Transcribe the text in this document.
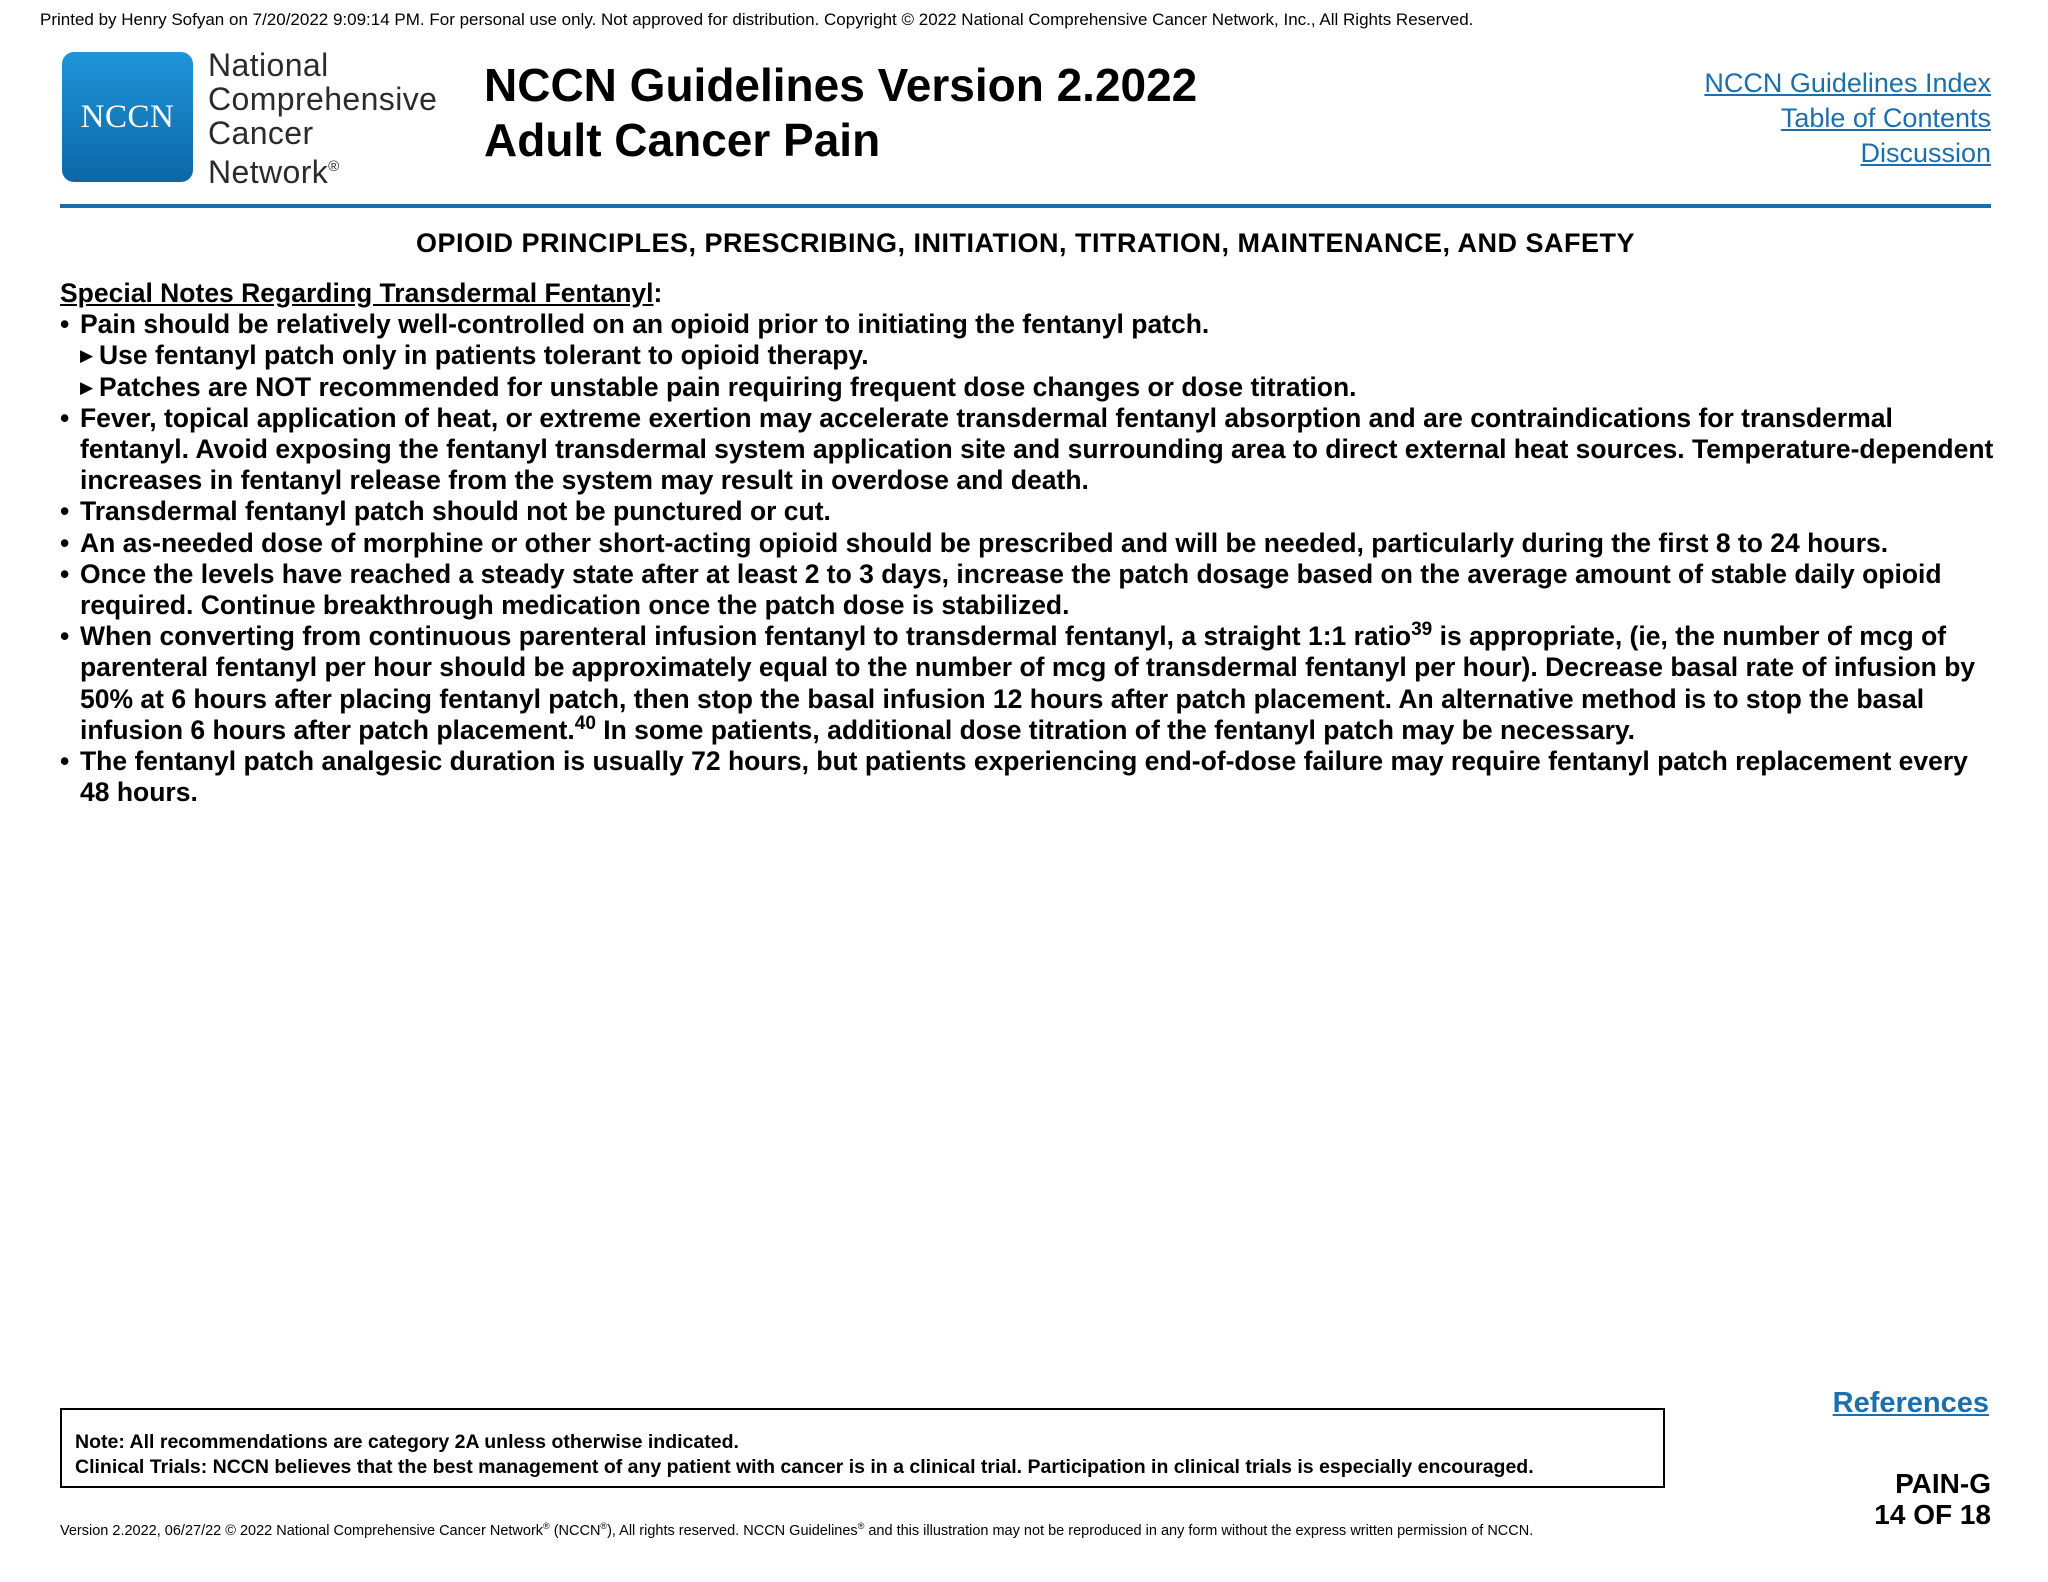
Printed by Henry Sofyan on 7/20/2022 9:09:14 PM. For personal use only. Not approved for distribution. Copyright © 2022 National Comprehensive Cancer Network, Inc., All Rights Reserved.
NCCN
National
Comprehensive
Cancer
Network®
NCCN Guidelines Version 2.2022
Adult Cancer Pain
NCCN Guidelines Index
Table of Contents
Discussion
OPIOID PRINCIPLES, PRESCRIBING, INITIATION, TITRATION, MAINTENANCE, AND SAFETY
Special Notes Regarding Transdermal Fentanyl:
• Pain should be relatively well-controlled on an opioid prior to initiating the fentanyl patch.
▶ Use fentanyl patch only in patients tolerant to opioid therapy.
▶ Patches are NOT recommended for unstable pain requiring frequent dose changes or dose titration.
• Fever, topical application of heat, or extreme exertion may accelerate transdermal fentanyl absorption and are contraindications for transdermal fentanyl. Avoid exposing the fentanyl transdermal system application site and surrounding area to direct external heat sources. Temperature-dependent increases in fentanyl release from the system may result in overdose and death.
• Transdermal fentanyl patch should not be punctured or cut.
• An as-needed dose of morphine or other short-acting opioid should be prescribed and will be needed, particularly during the first 8 to 24 hours.
• Once the levels have reached a steady state after at least 2 to 3 days, increase the patch dosage based on the average amount of stable daily opioid required. Continue breakthrough medication once the patch dose is stabilized.
• When converting from continuous parenteral infusion fentanyl to transdermal fentanyl, a straight 1:1 ratio$^{39}$ is appropriate, (ie, the number of mcg of parenteral fentanyl per hour should be approximately equal to the number of mcg of transdermal fentanyl per hour). Decrease basal rate of infusion by 50% at 6 hours after placing fentanyl patch, then stop the basal infusion 12 hours after patch placement. An alternative method is to stop the basal infusion 6 hours after patch placement.$^{40}$ In some patients, additional dose titration of the fentanyl patch may be necessary.
• The fentanyl patch analgesic duration is usually 72 hours, but patients experiencing end-of-dose failure may require fentanyl patch replacement every 48 hours.
References
Note: All recommendations are category 2A unless otherwise indicated.
Clinical Trials: NCCN believes that the best management of any patient with cancer is in a clinical trial. Participation in clinical trials is especially encouraged.
PAIN-G
14 OF 18
Version 2.2022, 06/27/22 © 2022 National Comprehensive Cancer Network® (NCCN®), All rights reserved. NCCN Guidelines® and this illustration may not be reproduced in any form without the express written permission of NCCN.
